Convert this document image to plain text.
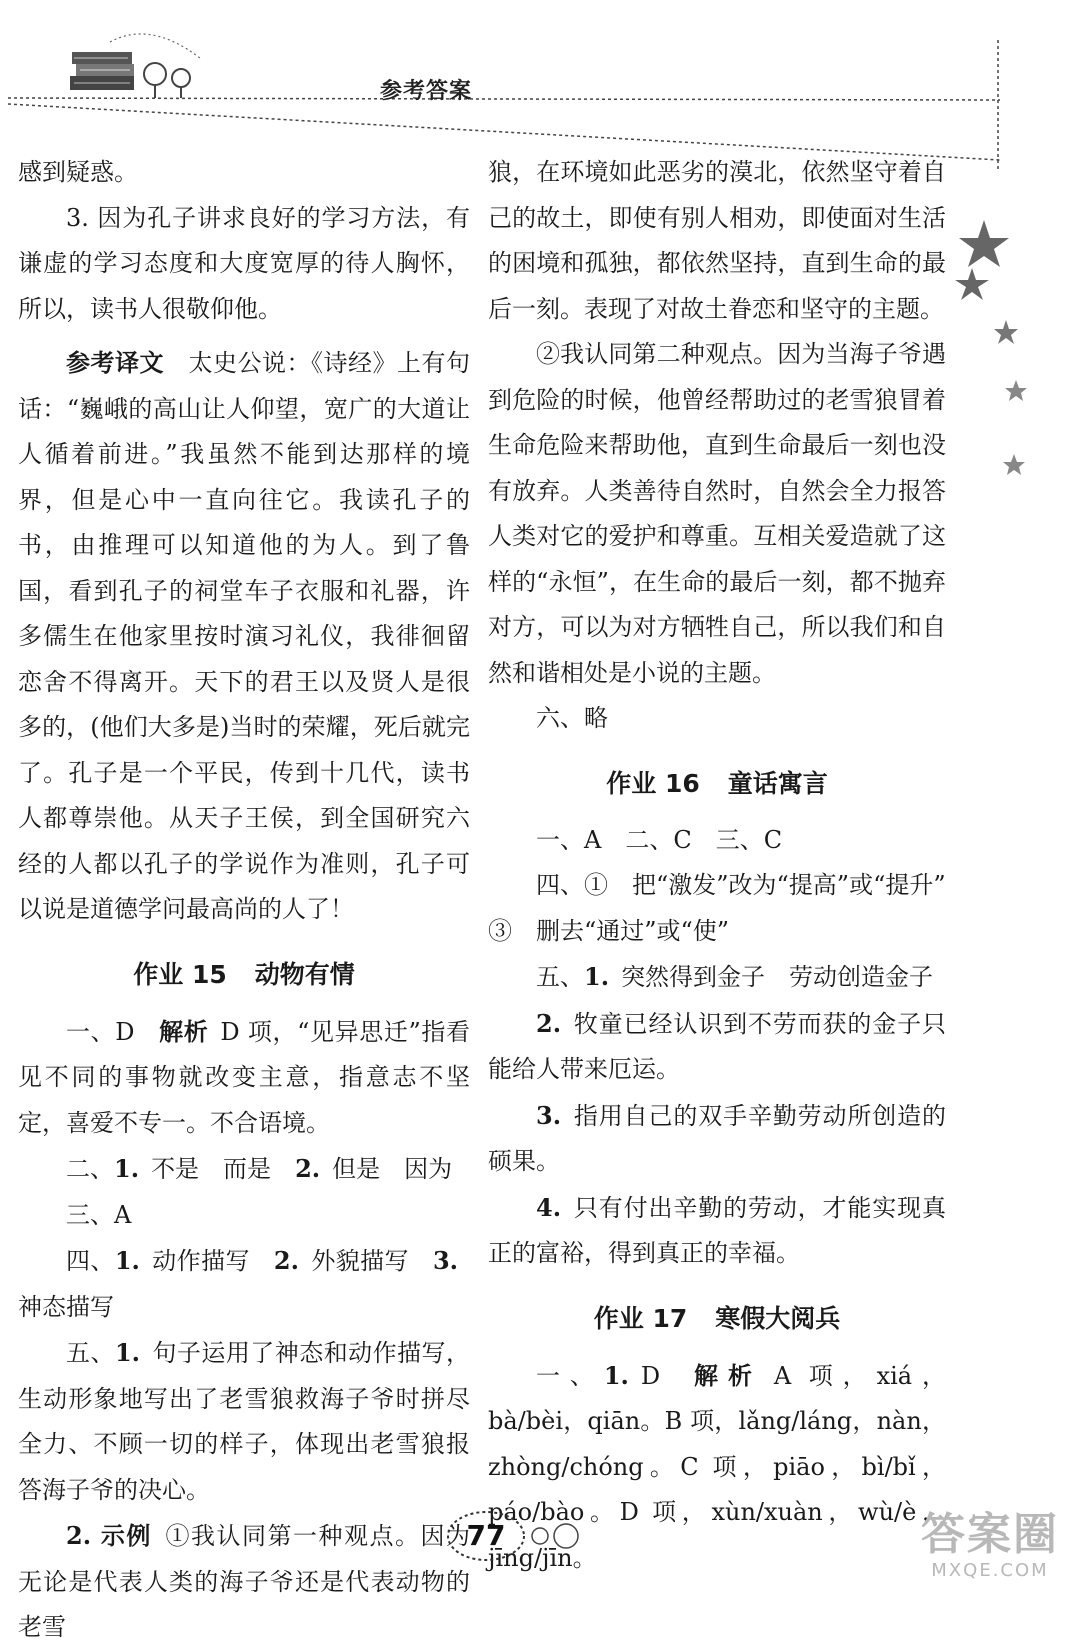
参考答案

感到疑惑。

3. 因为孔子讲求良好的学习方法，有谦虚的学习态度和大度宽厚的待人胸怀，所以，读书人很敬仰他。

参考译文  太史公说：《诗经》上有句话：“巍峨的高山让人仰望，宽广的大道让人循着前进。”我虽然不能到达那样的境界，但是心中一直向往它。我读孔子的书，由推理可以知道他的为人。到了鲁国，看到孔子的祠堂车子衣服和礼器，许多儒生在他家里按时演习礼仪，我徘徊留恋舍不得离开。天下的君王以及贤人是很多的，(他们大多是)当时的荣耀，死后就完了。孔子是一个平民，传到十几代，读书人都尊崇他。从天子王侯，到全国研究六经的人都以孔子的学说作为准则，孔子可以说是道德学问最高尚的人了！

作业 15 动物有情

一、D  解析  D 项，“见异思迁”指看见不同的事物就改变主意，指意志不坚定，喜爱不专一。不合语境。

二、1.  不是　而是  2.  但是　因为

三、A

四、1.  动作描写  2.  外貌描写  3. 神态描写

五、1.  句子运用了神态和动作描写，生动形象地写出了老雪狼救海子爷时拼尽全力、不顾一切的样子，体现出老雪狼报答海子爷的决心。

2. 示例  ①我认同第一种观点。因为无论是代表人类的海子爷还是代表动物的老雪

狼，在环境如此恶劣的漠北，依然坚守着自己的故土，即使有别人相劝，即使面对生活的困境和孤独，都依然坚持，直到生命的最后一刻。表现了对故土眷恋和坚守的主题。

②我认同第二种观点。因为当海子爷遇到危险的时候，他曾经帮助过的老雪狼冒着生命危险来帮助他，直到生命最后一刻也没有放弃。人类善待自然时，自然会全力报答人类对它的爱护和尊重。互相关爱造就了这样的“永恒”，在生命的最后一刻，都不抛弃对方，可以为对方牺牲自己，所以我们和自然和谐相处是小说的主题。

六、略

作业 16 童话寓言

一、A　二、C　三、C

四、①　把“激发”改为“提高”或“提升”

③　删去“通过”或“使”

五、1.  突然得到金子　劳动创造金子

2.  牧童已经认识到不劳而获的金子只能给人带来厄运。

3.  指用自己的双手辛勤劳动所创造的硕果。

4.  只有付出辛勤的劳动，才能实现真正的富裕，得到真正的幸福。

作业 17 寒假大阅兵

一、1.  D  解析  A 项，xiá，bà/bèi，qiān。B 项，lǎng/láng，nàn，zhòng/chóng。C 项，piāo，bì/bǐ，páo/bào。D 项，xùn/xuàn，wù/è，jīng/jīn。

77	答案圈
MXQE.COM
